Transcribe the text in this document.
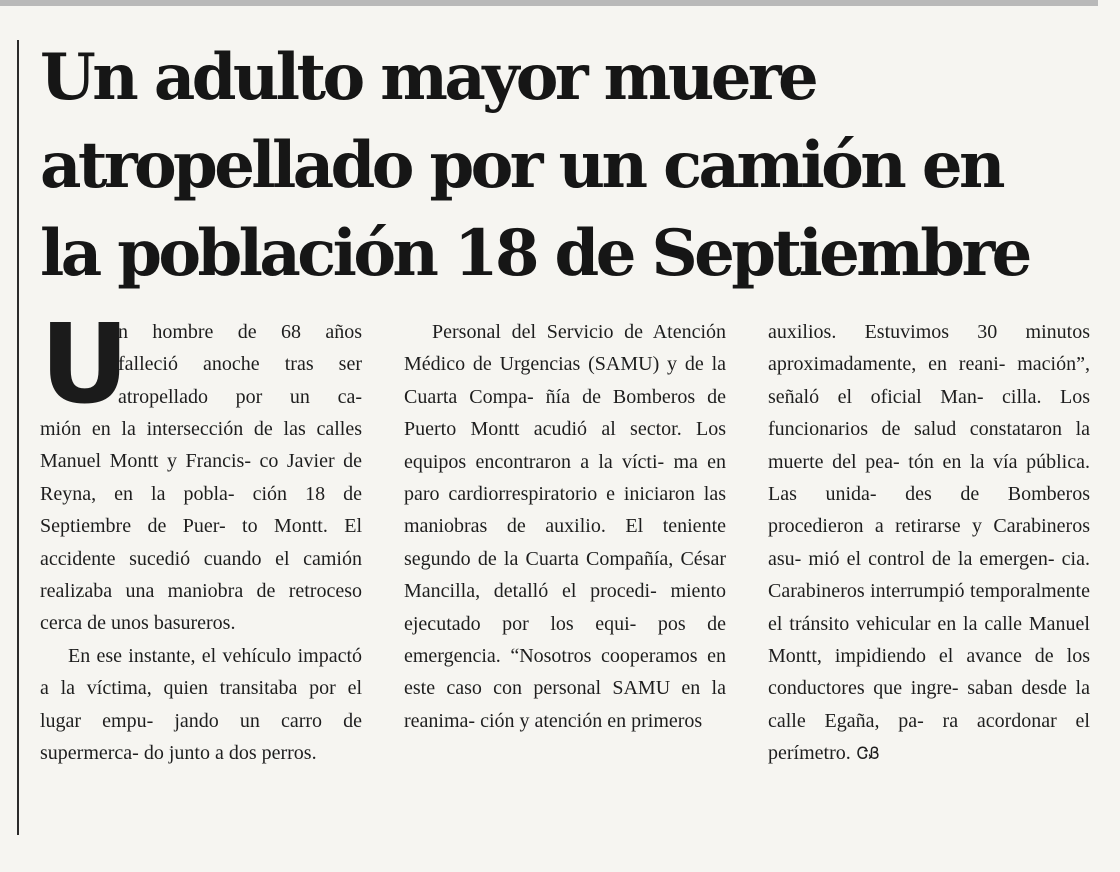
Un adulto mayor muere
atropellado por un camión en
la población 18 de Septiembre
U
n hombre de 68 años
falleció anoche tras ser
atropellado por un ca-

mión en la intersección de las calles Manuel Montt y Francis- co Javier de Reyna, en la pobla- ción 18 de Septiembre de Puer- to Montt. El accidente sucedió cuando el camión realizaba una maniobra de retroceso cerca de unos basureros.

En ese instante, el vehículo impactó a la víctima, quien transitaba por el lugar empu- jando un carro de supermerca- do junto a dos perros.

Personal del Servicio de Atención Médico de Urgencias (SAMU) y de la Cuarta Compa- ñía de Bomberos de Puerto Montt acudió al sector. Los equipos encontraron a la vícti- ma en paro cardiorrespiratorio e iniciaron las maniobras de auxilio. El teniente segundo de la Cuarta Compañía, César Mancilla, detalló el procedi- miento ejecutado por los equi- pos de emergencia. “Nosotros cooperamos en este caso con personal SAMU en la reanima- ción y atención en primeros

auxilios. Estuvimos 30 minutos aproximadamente, en reani- mación”, señaló el oficial Man- cilla. Los funcionarios de salud constataron la muerte del pea- tón en la vía pública. Las unida- des de Bomberos procedieron a retirarse y Carabineros asu- mió el control de la emergen- cia. Carabineros interrumpió temporalmente el tránsito vehicular en la calle Manuel Montt, impidiendo el avance de los conductores que ingre- saban desde la calle Egaña, pa- ra acordonar el perímetro. ᏣᏰ
